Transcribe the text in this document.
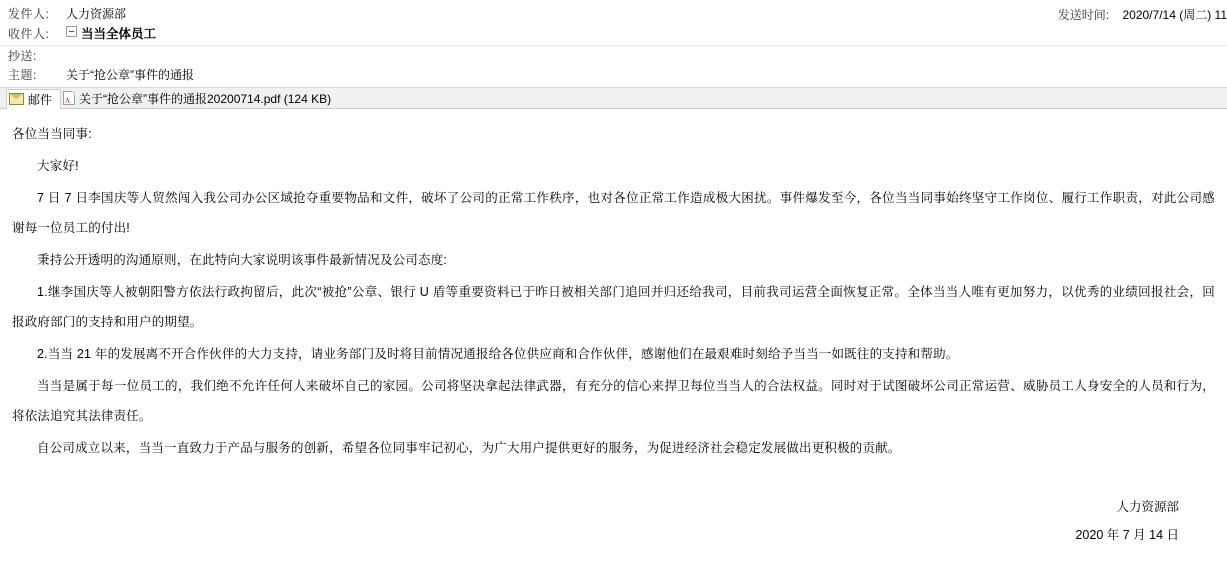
发件人:	人力资源部
收件人:	当当全体员工
抄送:
主题:	关于“抢公章”事件的通报
发送时间: 2020/7/14 (周二) 11
邮件 A 关于“抢公章”事件的通报20200714.pdf (124 KB)

各位当当同事:

大家好!

7 日 7 日李国庆等人贸然闯入我公司办公区域抢夺重要物品和文件，破坏了公司的正常工作秩序，也对各位正常工作造成极大困扰。事件爆发至今，各位当当同事始终坚守工作岗位、履行工作职责，对此公司感谢每一位员工的付出!

秉持公开透明的沟通原则，在此特向大家说明该事件最新情况及公司态度:

1.继李国庆等人被朝阳警方依法行政拘留后，此次“被抢”公章、银行 U 盾等重要资料已于昨日被相关部门追回并归还给我司，目前我司运营全面恢复正常。全体当当人唯有更加努力，以优秀的业绩回报社会，回报政府部门的支持和用户的期望。

2.当当 21 年的发展离不开合作伙伴的大力支持，请业务部门及时将目前情况通报给各位供应商和合作伙伴，感谢他们在最艰难时刻给予当当一如既往的支持和帮助。

当当是属于每一位员工的，我们绝不允许任何人来破坏自己的家园。公司将坚决拿起法律武器，有充分的信心来捍卫每位当当人的合法权益。同时对于试图破坏公司正常运营、威胁员工人身安全的人员和行为，将依法追究其法律责任。

自公司成立以来，当当一直致力于产品与服务的创新，希望各位同事牢记初心，为广大用户提供更好的服务，为促进经济社会稳定发展做出更积极的贡献。

人力资源部
2020 年 7 月 14 日
